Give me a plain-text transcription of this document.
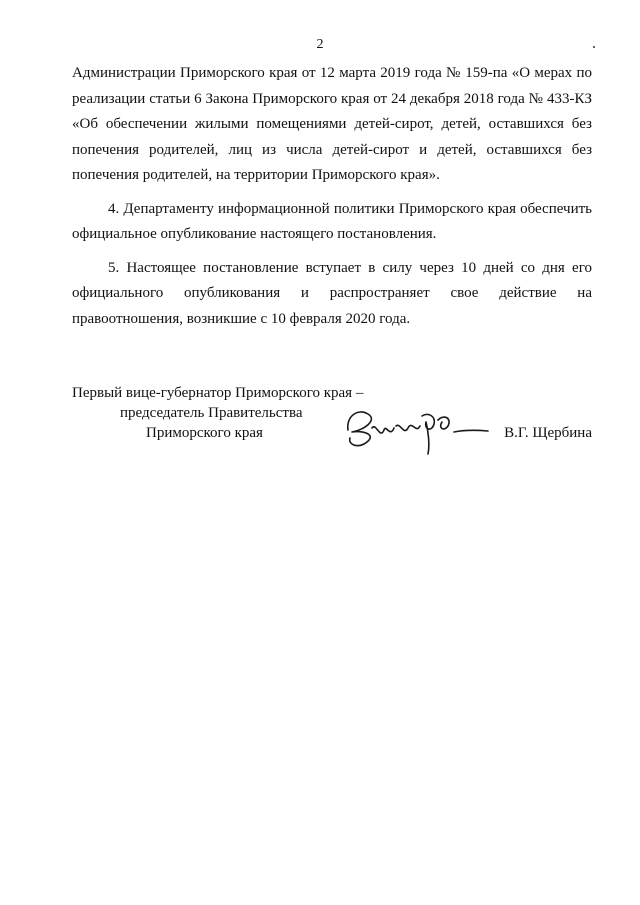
2

Администрации Приморского края от 12 марта 2019 года № 159-па «О мерах по реализации статьи 6 Закона Приморского края от 24 декабря 2018 года № 433-КЗ «Об обеспечении жилыми помещениями детей-сирот, детей, оставшихся без попечения родителей, лиц из числа детей-сирот и детей, оставшихся без попечения родителей, на территории Приморского края».

4. Департаменту информационной политики Приморского края обеспечить официальное опубликование настоящего постановления.

5. Настоящее постановление вступает в силу через 10 дней со дня его официального опубликования и распространяет свое действие на правоотношения, возникшие с 10 февраля 2020 года.

Первый вице-губернатор Приморского края –
председатель Правительства
Приморского края	В.Г. Щербина
